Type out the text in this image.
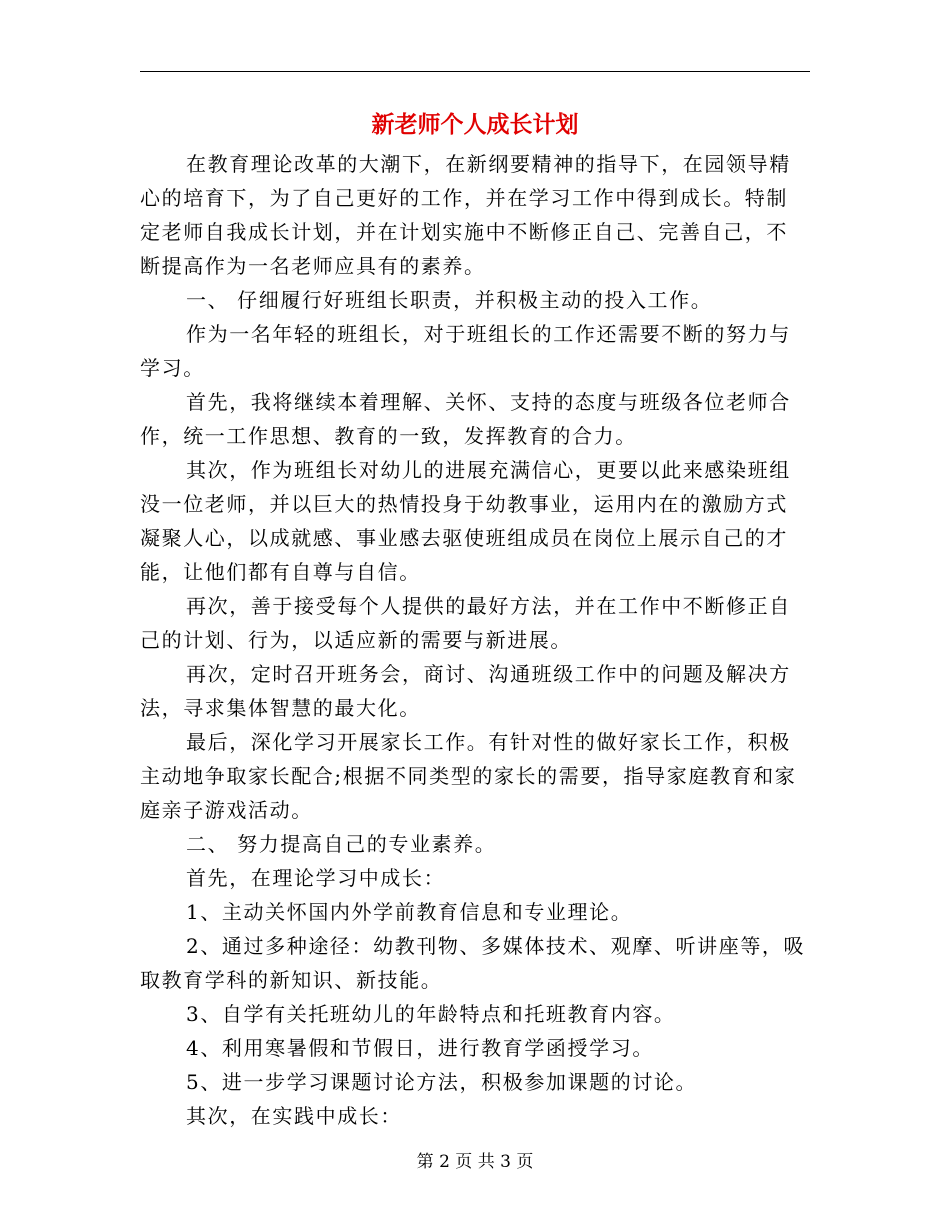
新老师个人成长计划

在教育理论改革的大潮下，在新纲要精神的指导下，在园领导精心的培育下，为了自己更好的工作，并在学习工作中得到成长。特制定老师自我成长计划，并在计划实施中不断修正自己、完善自己，不断提高作为一名老师应具有的素养。

一、 仔细履行好班组长职责，并积极主动的投入工作。

作为一名年轻的班组长，对于班组长的工作还需要不断的努力与学习。

首先，我将继续本着理解、关怀、支持的态度与班级各位老师合作，统一工作思想、教育的一致，发挥教育的合力。

其次，作为班组长对幼儿的进展充满信心，更要以此来感染班组没一位老师，并以巨大的热情投身于幼教事业，运用内在的激励方式凝聚人心，以成就感、事业感去驱使班组成员在岗位上展示自己的才能，让他们都有自尊与自信。

再次，善于接受每个人提供的最好方法，并在工作中不断修正自己的计划、行为，以适应新的需要与新进展。

再次，定时召开班务会，商讨、沟通班级工作中的问题及解决方法，寻求集体智慧的最大化。

最后，深化学习开展家长工作。有针对性的做好家长工作，积极主动地争取家长配合;根据不同类型的家长的需要，指导家庭教育和家庭亲子游戏活动。

二、 努力提高自己的专业素养。

首先，在理论学习中成长：

1、主动关怀国内外学前教育信息和专业理论。

2、通过多种途径：幼教刊物、多媒体技术、观摩、听讲座等，吸取教育学科的新知识、新技能。

3、自学有关托班幼儿的年龄特点和托班教育内容。

4、利用寒暑假和节假日，进行教育学函授学习。

5、进一步学习课题讨论方法，积极参加课题的讨论。

其次，在实践中成长：

第 2 页 共 3 页
